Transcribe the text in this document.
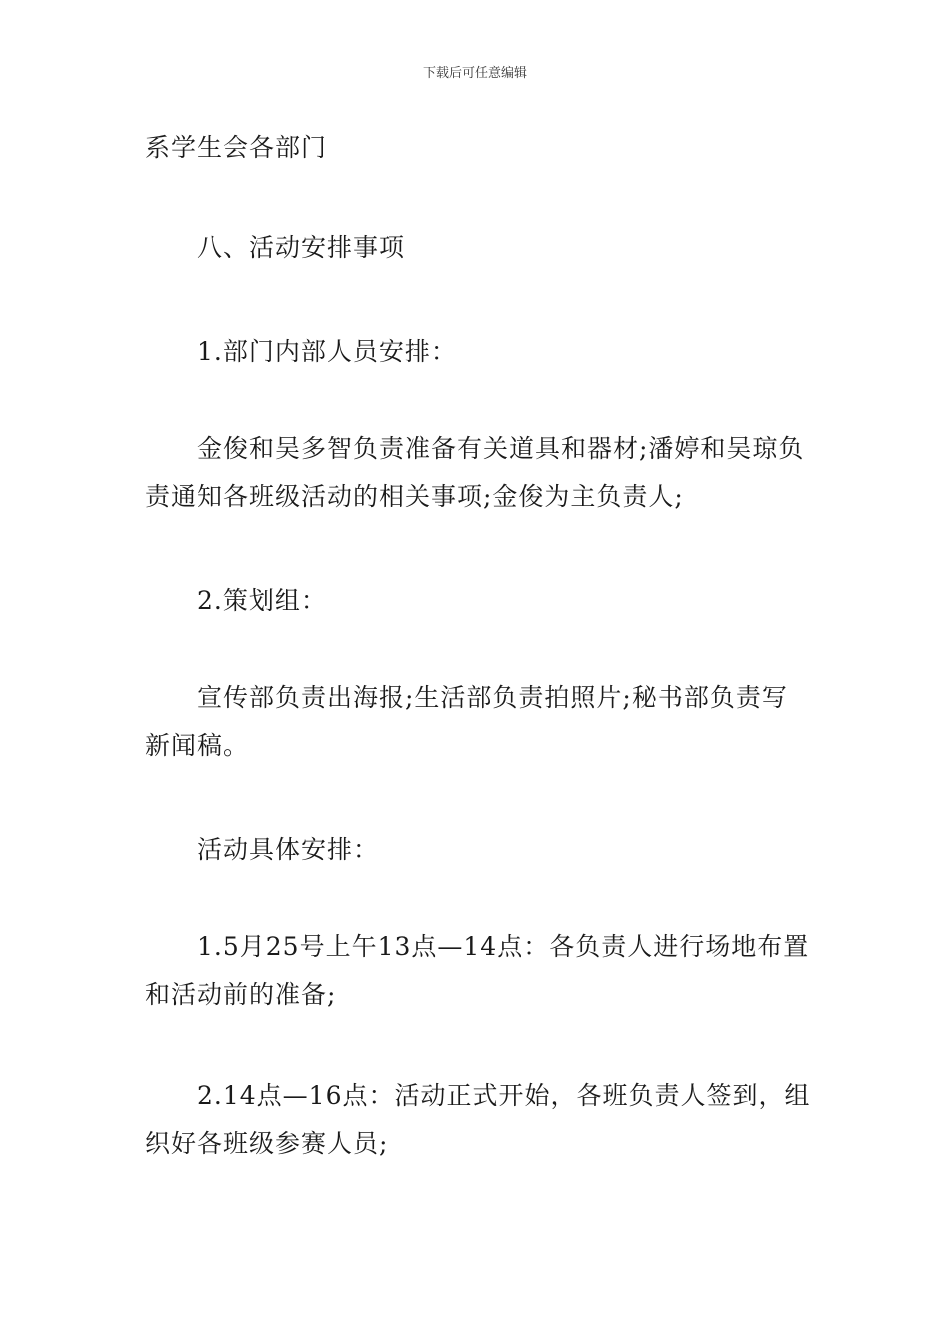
下载后可任意编辑
系学生会各部门
八、活动安排事项
1.部门内部人员安排：
金俊和吴多智负责准备有关道具和器材;潘婷和吴琼负
责通知各班级活动的相关事项;金俊为主负责人;
2.策划组：
宣传部负责出海报;生活部负责拍照片;秘书部负责写
新闻稿。
活动具体安排：
1.5月25号上午13点—14点：各负责人进行场地布置
和活动前的准备;
2.14点—16点：活动正式开始，各班负责人签到，组
织好各班级参赛人员;
